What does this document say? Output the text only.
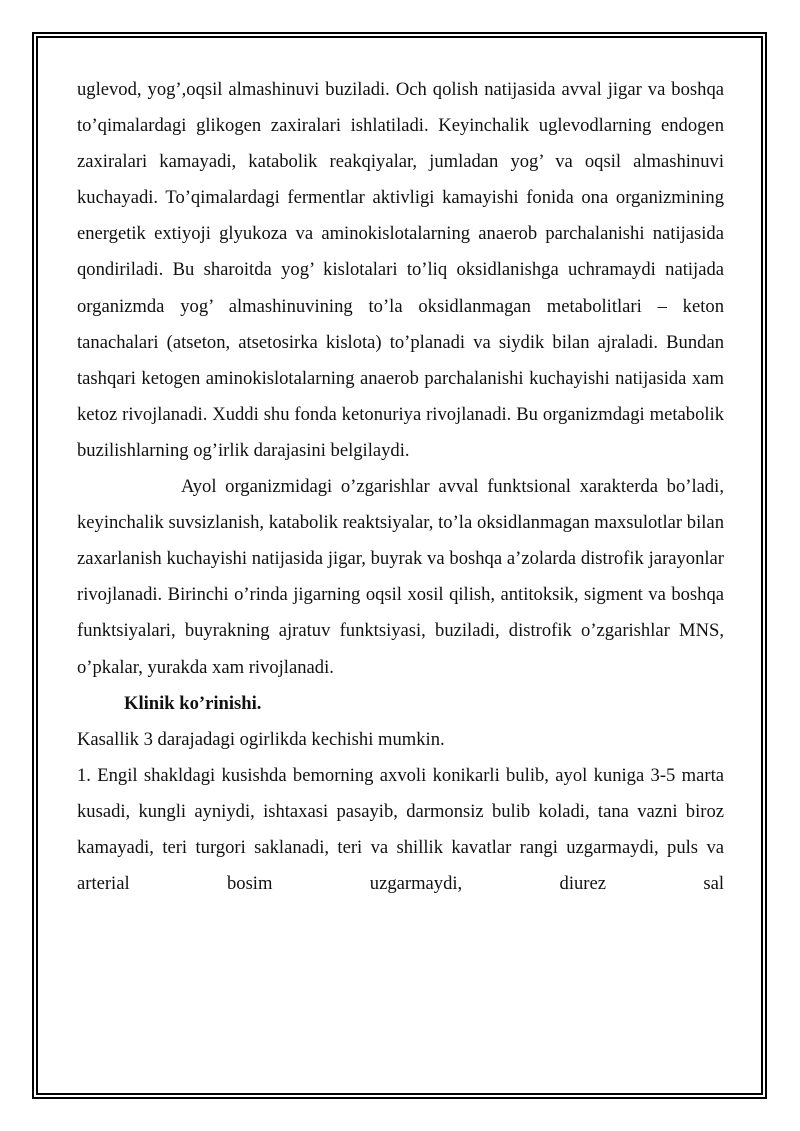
uglevod, yog’,oqsil almashinuvi buziladi. Och qolish natijasida avval jigar va boshqa to’qimalardagi glikogen zaxiralari ishlatiladi. Keyinchalik uglevodlarning endogen zaxiralari kamayadi, katabolik reakqiyalar, jumladan yog’ va oqsil almashinuvi kuchayadi. To’qimalardagi fermentlar aktivligi kamayishi fonida ona organizmining energetik extiyoji glyukoza va aminokislotalarning anaerob parchalanishi natijasida qondiriladi. Bu sharoitda yog’ kislotalari to’liq oksidlanishga uchramaydi natijada organizmda yog’ almashinuvining to’la oksidlanmagan metabolitlari – keton tanachalari (atseton, atsetosirka kislota) to’planadi va siydik bilan ajraladi. Bundan tashqari ketogen aminokislotalarning anaerob parchalanishi kuchayishi natijasida xam ketoz rivojlanadi. Xuddi shu fonda ketonuriya rivojlanadi. Bu organizmdagi metabolik buzilishlarning og’irlik darajasini belgilaydi.

Ayol organizmidagi o’zgarishlar avval funktsional xarakterda bo’ladi, keyinchalik suvsizlanish, katabolik reaktsiyalar, to’la oksidlanmagan maxsulotlar bilan zaxarlanish kuchayishi natijasida jigar, buyrak va boshqa a’zolarda distrofik jarayonlar rivojlanadi. Birinchi o’rinda jigarning oqsil xosil qilish, antitoksik, sigment va boshqa funktsiyalari, buyrakning ajratuv funktsiyasi, buziladi, distrofik o’zgarishlar MNS, o’pkalar, yurakda xam rivojlanadi.

Klinik ko’rinishi.

Kasallik 3 darajadagi ogirlikda kechishi mumkin.

1. Engil shakldagi kusishda bemorning axvoli konikarli bulib, ayol kuniga 3-5 marta kusadi, kungli ayniydi, ishtaxasi pasayib, darmonsiz bulib koladi, tana vazni biroz kamayadi, teri turgori saklanadi, teri va shillik kavatlar rangi uzgarmaydi, puls va arterial bosim uzgarmaydi, diurez sal
